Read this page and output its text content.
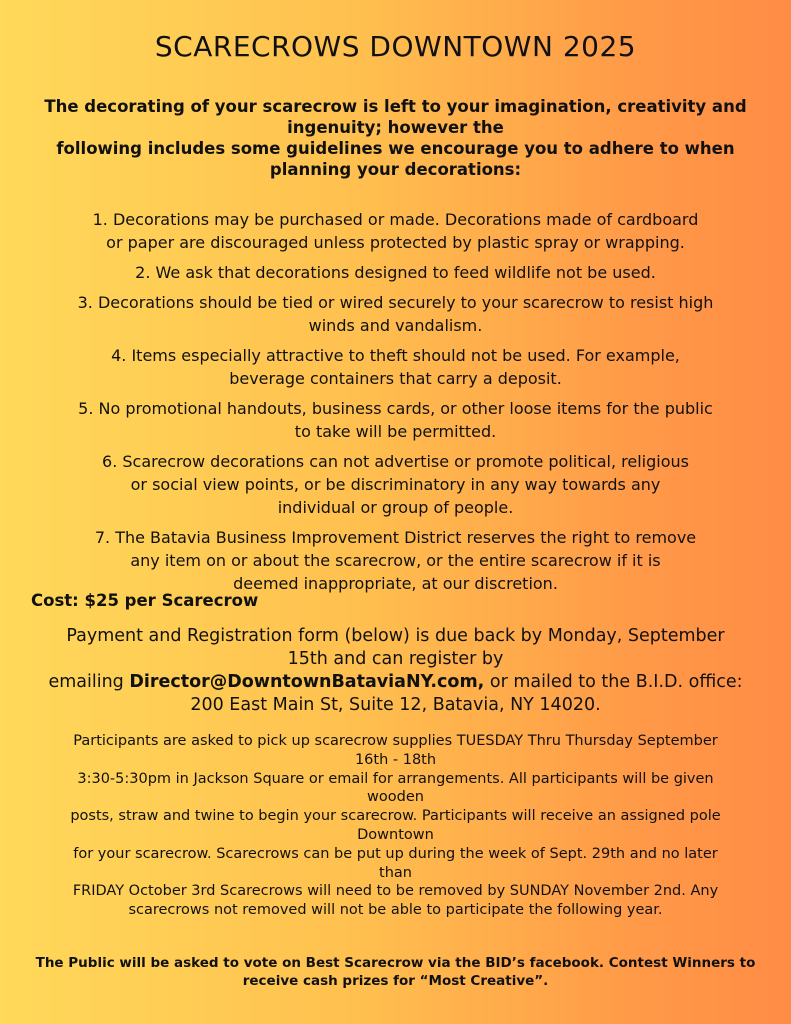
SCARECROWS DOWNTOWN 2025

The decorating of your scarecrow is left to your imagination, creativity and
ingenuity; however the
following includes some guidelines we encourage you to adhere to when
planning your decorations:

1. Decorations may be purchased or made. Decorations made of cardboard
or paper are discouraged unless protected by plastic spray or wrapping.
2. We ask that decorations designed to feed wildlife not be used.
3. Decorations should be tied or wired securely to your scarecrow to resist high
winds and vandalism.
4. Items especially attractive to theft should not be used. For example,
beverage containers that carry a deposit.
5. No promotional handouts, business cards, or other loose items for the public
to take will be permitted.
6. Scarecrow decorations can not advertise or promote political, religious
or social view points, or be discriminatory in any way towards any
individual or group of people.
7. The Batavia Business Improvement District reserves the right to remove
any item on or about the scarecrow, or the entire scarecrow if it is
deemed inappropriate, at our discretion.
Cost: $25 per Scarecrow
Payment and Registration form (below) is due back by Monday, September
15th and can register by
emailing Director@DowntownBataviaNY.com, or mailed to the B.I.D. office:
200 East Main St, Suite 12, Batavia, NY 14020.
Participants are asked to pick up scarecrow supplies TUESDAY Thru Thursday September
16th - 18th
3:30-5:30pm in Jackson Square or email for arrangements. All participants will be given
wooden
posts, straw and twine to begin your scarecrow. Participants will receive an assigned pole
Downtown
for your scarecrow. Scarecrows can be put up during the week of Sept. 29th and no later
than
FRIDAY October 3rd Scarecrows will need to be removed by SUNDAY November 2nd. Any
scarecrows not removed will not be able to participate the following year.
The Public will be asked to vote on Best Scarecrow via the BID’s facebook. Contest Winners to
receive cash prizes for “Most Creative”.
